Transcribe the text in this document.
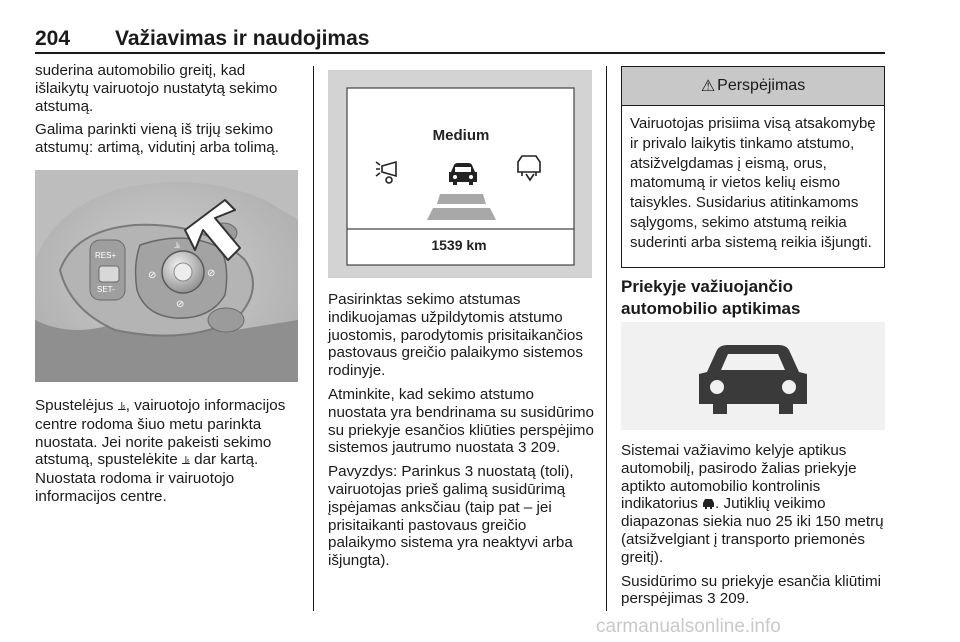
204 Važiavimas ir naudojimas

suderina automobilio greitį, kad išlaikytų vairuotojo nustatytą sekimo atstumą.

Galima parinkti vieną iš trijų sekimo atstumų: artimą, vidutinį arba tolimą.

RES+
SET-
⊘	⊘
⊘
⫡

Spustelėjus ⫡, vairuotojo informacijos centre rodoma šiuo metu parinkta nuostata. Jei norite pakeisti sekimo atstumą, spustelėkite ⫡ dar kartą. Nuostata rodoma ir vairuotojo informacijos centre.

Medium
1539 km

Pasirinktas sekimo atstumas indikuojamas užpildytomis atstumo juostomis, parodytomis prisitaikančios pastovaus greičio palaikymo sistemos rodinyje.

Atminkite, kad sekimo atstumo nuostata yra bendrinama su susidūrimo su priekyje esančios kliūties perspėjimo sistemos jautrumo nuostata 3 209.

Pavyzdys: Parinkus 3 nuostatą (toli), vairuotojas prieš galimą susidūrimą įspėjamas anksčiau (taip pat – jei prisitaikanti pastovaus greičio palaikymo sistema yra neaktyvi arba išjungta).

⚠ Perspėjimas
Vairuotojas prisiima visą atsakomybę ir privalo laikytis tinkamo atstumo, atsižvelgdamas į eismą, orus, matomumą ir vietos kelių eismo taisykles. Susidarius atitinkamoms sąlygoms, sekimo atstumą reikia suderinti arba sistemą reikia išjungti.
Priekyje važiuojančio automobilio aptikimas

Sistemai važiavimo kelyje aptikus automobilį, pasirodo žalias priekyje aptikto automobilio kontrolinis indikatorius . Jutiklių veikimo diapazonas siekia nuo 25 iki 150 metrų (atsižvelgiant į transporto priemonės greitį).

Susidūrimo su priekyje esančia kliūtimi perspėjimas 3 209.

carmanualsonline.info
